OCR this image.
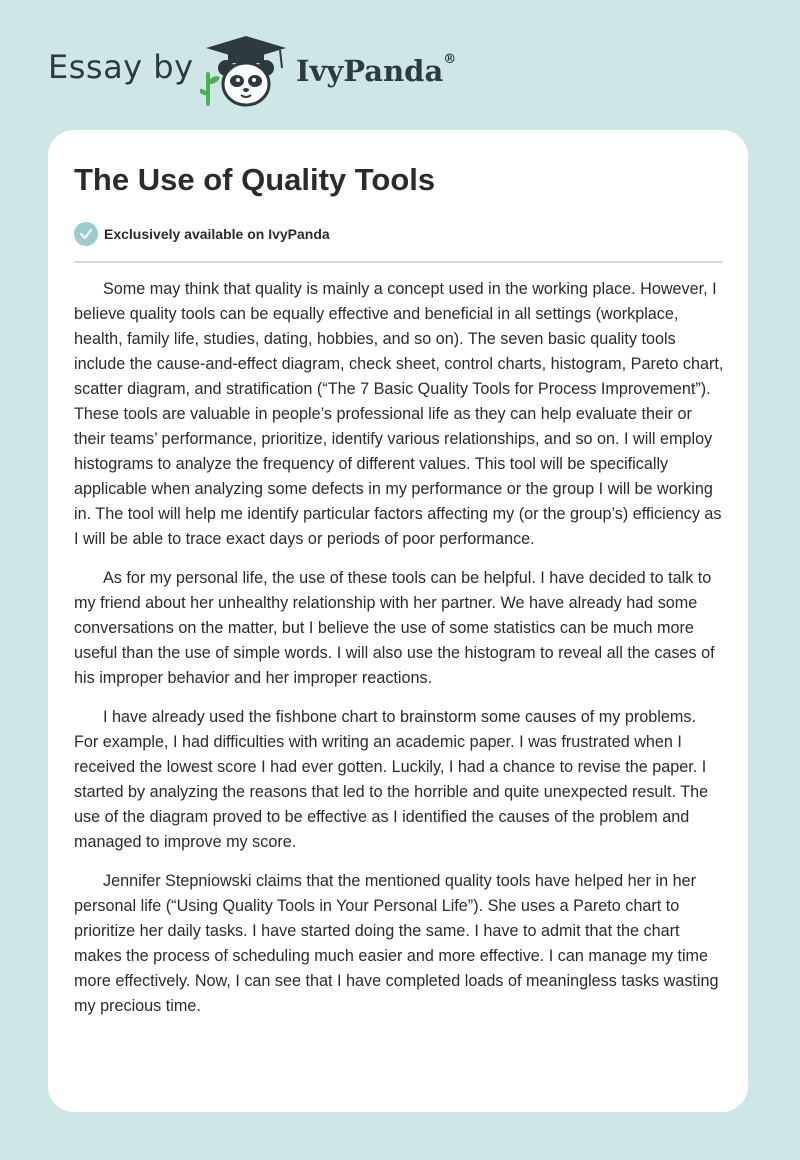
Essay by	IvyPanda®
The Use of Quality Tools
Exclusively available on IvyPanda

Some may think that quality is mainly a concept used in the working place. However, I believe quality tools can be equally effective and beneficial in all settings (workplace, health, family life, studies, dating, hobbies, and so on). The seven basic quality tools include the cause-and-effect diagram, check sheet, control charts, histogram, Pareto chart, scatter diagram, and stratification (“The 7 Basic Quality Tools for Process Improvement”). These tools are valuable in people’s professional life as they can help evaluate their or their teams’ performance, prioritize, identify various relationships, and so on. I will employ histograms to analyze the frequency of different values. This tool will be specifically applicable when analyzing some defects in my performance or the group I will be working in. The tool will help me identify particular factors affecting my (or the group’s) efficiency as I will be able to trace exact days or periods of poor performance.

As for my personal life, the use of these tools can be helpful. I have decided to talk to my friend about her unhealthy relationship with her partner. We have already had some conversations on the matter, but I believe the use of some statistics can be much more useful than the use of simple words. I will also use the histogram to reveal all the cases of his improper behavior and her improper reactions.

I have already used the fishbone chart to brainstorm some causes of my problems. For example, I had difficulties with writing an academic paper. I was frustrated when I received the lowest score I had ever gotten. Luckily, I had a chance to revise the paper. I started by analyzing the reasons that led to the horrible and quite unexpected result. The use of the diagram proved to be effective as I identified the causes of the problem and managed to improve my score.

Jennifer Stepniowski claims that the mentioned quality tools have helped her in her personal life (“Using Quality Tools in Your Personal Life”). She uses a Pareto chart to prioritize her daily tasks. I have started doing the same. I have to admit that the chart makes the process of scheduling much easier and more effective. I can manage my time more effectively. Now, I can see that I have completed loads of meaningless tasks wasting my precious time.
